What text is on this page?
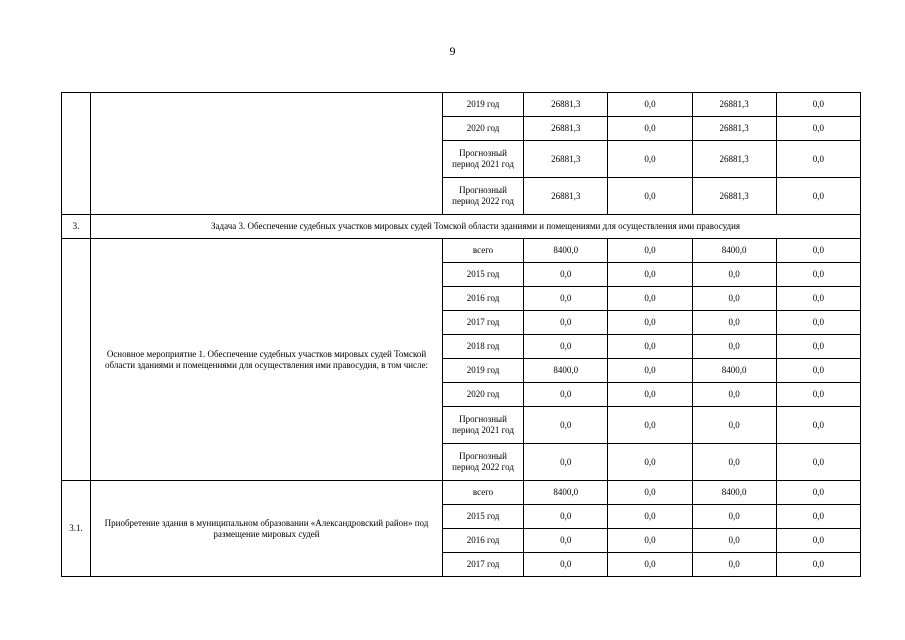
9
		2019 год	26881,3	0,0	26881,3	0,0
		2020 год	26881,3	0,0	26881,3	0,0
		Прогнозный период 2021 год	26881,3	0,0	26881,3	0,0
		Прогнозный период 2022 год	26881,3	0,0	26881,3	0,0
3.	Задача 3. Обеспечение судебных участков мировых судей Томской области зданиями и помещениями для осуществления ими правосудия					
	Основное мероприятие 1. Обеспечение судебных участков мировых судей Томской области зданиями и помещениями для осуществления ими правосудия, в том числе:	всего	8400,0	0,0	8400,0	0,0
		2015 год	0,0	0,0	0,0	0,0
		2016 год	0,0	0,0	0,0	0,0
		2017 год	0,0	0,0	0,0	0,0
		2018 год	0,0	0,0	0,0	0,0
		2019 год	8400,0	0,0	8400,0	0,0
		2020 год	0,0	0,0	0,0	0,0
		Прогнозный период 2021 год	0,0	0,0	0,0	0,0
		Прогнозный период 2022 год	0,0	0,0	0,0	0,0
3.1.	Приобретение здания в муниципальном образовании «Александровский район» под размещение мировых судей	всего	8400,0	0,0	8400,0	0,0
		2015 год	0,0	0,0	0,0	0,0
		2016 год	0,0	0,0	0,0	0,0
		2017 год	0,0	0,0	0,0	0,0
